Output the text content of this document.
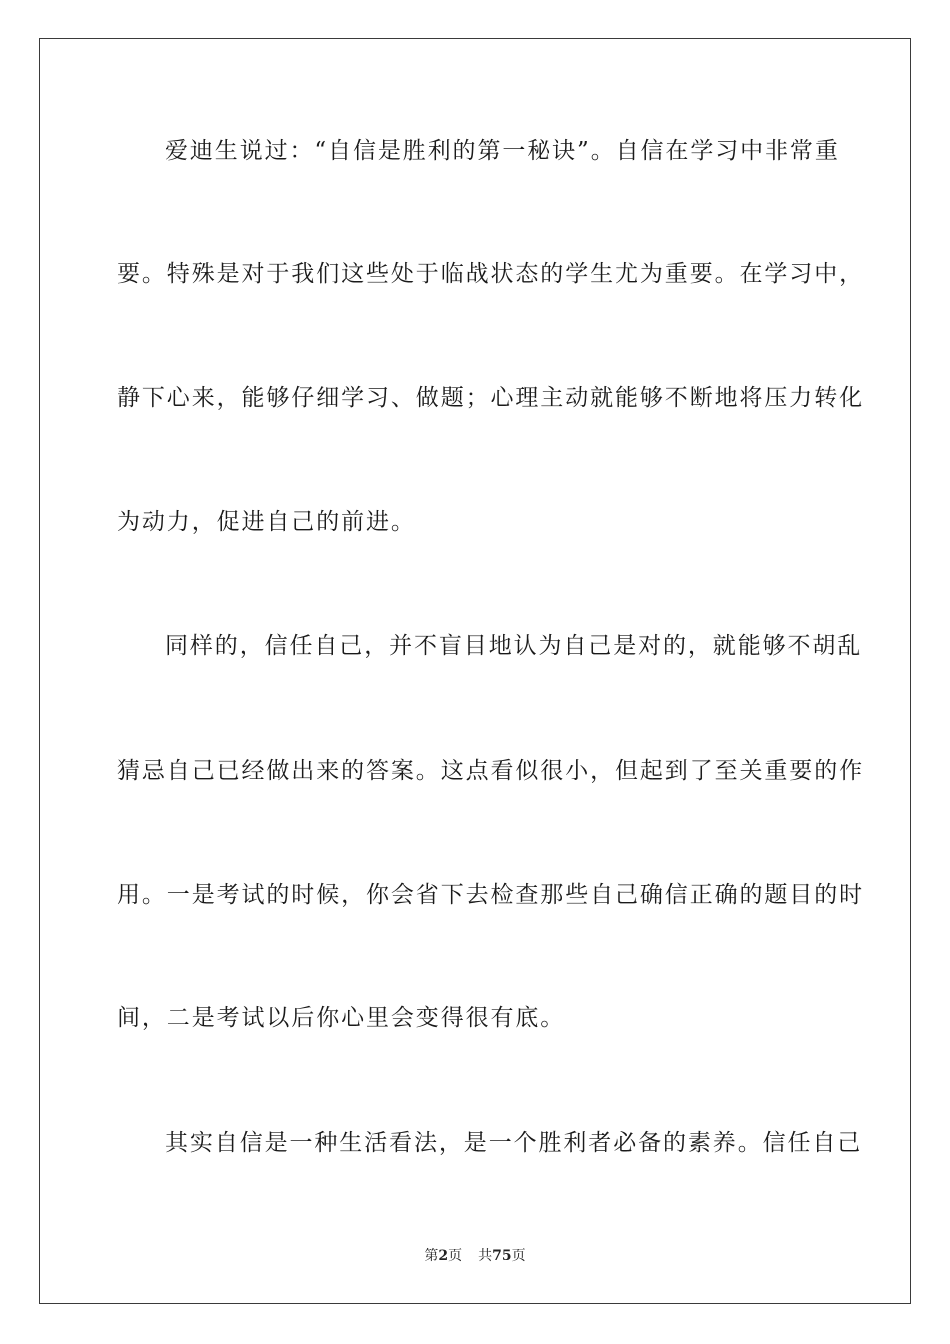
爱迪生说过：“自信是胜利的第一秘诀”。自信在学习中非常重
要。特殊是对于我们这些处于临战状态的学生尤为重要。在学习中，
静下心来，能够仔细学习、做题；心理主动就能够不断地将压力转化
为动力，促进自己的前进。
同样的，信任自己，并不盲目地认为自己是对的，就能够不胡乱
猜忌自己已经做出来的答案。这点看似很小，但起到了至关重要的作
用。一是考试的时候，你会省下去检查那些自己确信正确的题目的时
间，二是考试以后你心里会变得很有底。
其实自信是一种生活看法，是一个胜利者必备的素养。信任自己
第2页 共75页
